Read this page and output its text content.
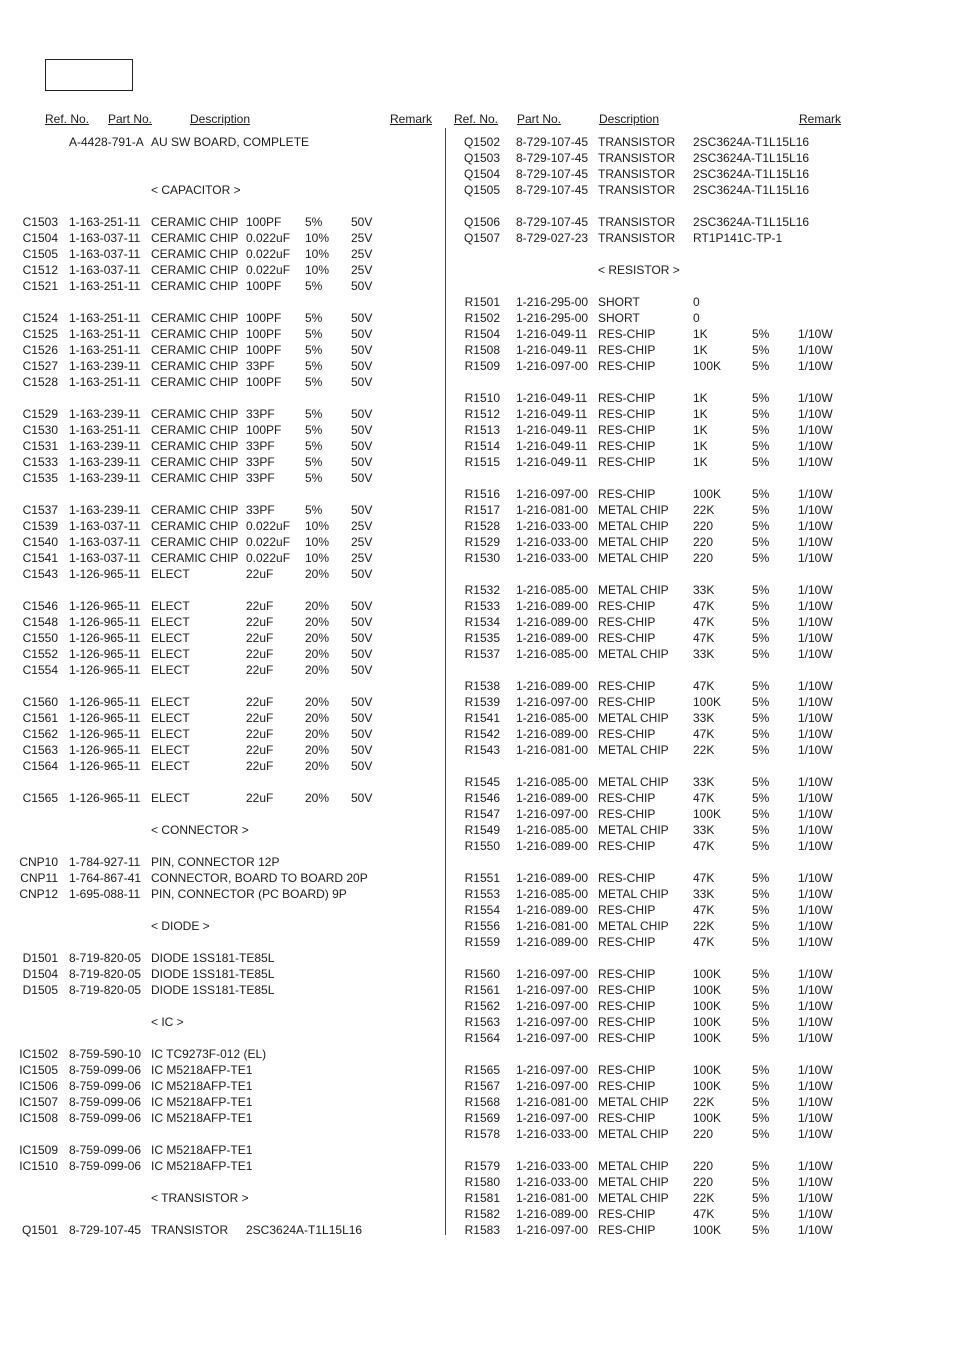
Ref. No. Part No.	Description	Remark Ref. No. Part No.	Description	Remark
A-4428-791-A AU SW BOARD, COMPLETE
< CAPACITOR >
C1503 1-163-251-11 CERAMIC CHIP 100PF 5% 50V
C1504 1-163-037-11 CERAMIC CHIP 0.022uF 10% 25V
C1505 1-163-037-11 CERAMIC CHIP 0.022uF 10% 25V
C1512 1-163-037-11 CERAMIC CHIP 0.022uF 10% 25V
C1521 1-163-251-11 CERAMIC CHIP 100PF 5% 50V
C1524 1-163-251-11 CERAMIC CHIP 100PF 5% 50V
C1525 1-163-251-11 CERAMIC CHIP 100PF 5% 50V
C1526 1-163-251-11 CERAMIC CHIP 100PF 5% 50V
C1527 1-163-239-11 CERAMIC CHIP 33PF	5% 50V
C1528 1-163-251-11 CERAMIC CHIP 100PF 5% 50V
C1529 1-163-239-11 CERAMIC CHIP 33PF	5% 50V
C1530 1-163-251-11 CERAMIC CHIP 100PF 5% 50V
C1531 1-163-239-11 CERAMIC CHIP 33PF	5% 50V
C1533 1-163-239-11 CERAMIC CHIP 33PF	5% 50V
C1535 1-163-239-11 CERAMIC CHIP 33PF	5% 50V
C1537 1-163-239-11 CERAMIC CHIP 33PF	5% 50V
C1539 1-163-037-11 CERAMIC CHIP 0.022uF 10% 25V
C1540 1-163-037-11 CERAMIC CHIP 0.022uF 10% 25V
C1541 1-163-037-11 CERAMIC CHIP 0.022uF 10% 25V
C1543 1-126-965-11 ELECT	22uF	20% 50V
C1546 1-126-965-11 ELECT	22uF	20% 50V
C1548 1-126-965-11 ELECT	22uF	20% 50V
C1550 1-126-965-11 ELECT	22uF	20% 50V
C1552 1-126-965-11 ELECT	22uF	20% 50V
C1554 1-126-965-11 ELECT	22uF	20% 50V
C1560 1-126-965-11 ELECT	22uF	20% 50V
C1561 1-126-965-11 ELECT	22uF	20% 50V
C1562 1-126-965-11 ELECT	22uF	20% 50V
C1563 1-126-965-11 ELECT	22uF	20% 50V
C1564 1-126-965-11 ELECT	22uF	20% 50V
C1565 1-126-965-11 ELECT	22uF	20% 50V
< CONNECTOR >
CNP10 1-784-927-11 PIN, CONNECTOR 12P
CNP11 1-764-867-41 CONNECTOR, BOARD TO BOARD 20P
CNP12 1-695-088-11 PIN, CONNECTOR (PC BOARD) 9P
< DIODE >
D1501 8-719-820-05 DIODE 1SS181-TE85L
D1504 8-719-820-05 DIODE 1SS181-TE85L
D1505 8-719-820-05 DIODE 1SS181-TE85L
< IC >
IC1502 8-759-590-10 IC TC9273F-012 (EL)
IC1505 8-759-099-06 IC M5218AFP-TE1
IC1506 8-759-099-06 IC M5218AFP-TE1
IC1507 8-759-099-06 IC M5218AFP-TE1
IC1508 8-759-099-06 IC M5218AFP-TE1
IC1509 8-759-099-06 IC M5218AFP-TE1
IC1510 8-759-099-06 IC M5218AFP-TE1
< TRANSISTOR >
Q1501 8-729-107-45 TRANSISTOR 2SC3624A-T1L15L16
Q1502 8-729-107-45 TRANSISTOR 2SC3624A-T1L15L16
Q1503 8-729-107-45 TRANSISTOR 2SC3624A-T1L15L16
Q1504 8-729-107-45 TRANSISTOR 2SC3624A-T1L15L16
Q1505 8-729-107-45 TRANSISTOR 2SC3624A-T1L15L16
Q1506 8-729-107-45 TRANSISTOR 2SC3624A-T1L15L16
Q1507 8-729-027-23 TRANSISTOR RT1P141C-TP-1
< RESISTOR >
R1501 1-216-295-00 SHORT	0
R1502 1-216-295-00 SHORT	0
R1504 1-216-049-11 RES-CHIP	1K	5% 1/10W
R1508 1-216-049-11 RES-CHIP	1K	5% 1/10W
R1509 1-216-097-00 RES-CHIP	100K	5% 1/10W
R1510 1-216-049-11 RES-CHIP	1K	5% 1/10W
R1512 1-216-049-11 RES-CHIP	1K	5% 1/10W
R1513 1-216-049-11 RES-CHIP	1K	5% 1/10W
R1514 1-216-049-11 RES-CHIP	1K	5% 1/10W
R1515 1-216-049-11 RES-CHIP	1K	5% 1/10W
R1516 1-216-097-00 RES-CHIP	100K	5% 1/10W
R1517 1-216-081-00 METAL CHIP 22K	5% 1/10W
R1528 1-216-033-00 METAL CHIP 220	5% 1/10W
R1529 1-216-033-00 METAL CHIP 220	5% 1/10W
R1530 1-216-033-00 METAL CHIP 220	5% 1/10W
R1532 1-216-085-00 METAL CHIP 33K	5% 1/10W
R1533 1-216-089-00 RES-CHIP	47K	5% 1/10W
R1534 1-216-089-00 RES-CHIP	47K	5% 1/10W
R1535 1-216-089-00 RES-CHIP	47K	5% 1/10W
R1537 1-216-085-00 METAL CHIP 33K	5% 1/10W
R1538 1-216-089-00 RES-CHIP	47K	5% 1/10W
R1539 1-216-097-00 RES-CHIP	100K	5% 1/10W
R1541 1-216-085-00 METAL CHIP 33K	5% 1/10W
R1542 1-216-089-00 RES-CHIP	47K	5% 1/10W
R1543 1-216-081-00 METAL CHIP 22K	5% 1/10W
R1545 1-216-085-00 METAL CHIP 33K	5% 1/10W
R1546 1-216-089-00 RES-CHIP	47K	5% 1/10W
R1547 1-216-097-00 RES-CHIP	100K	5% 1/10W
R1549 1-216-085-00 METAL CHIP 33K	5% 1/10W
R1550 1-216-089-00 RES-CHIP	47K	5% 1/10W
R1551 1-216-089-00 RES-CHIP	47K	5% 1/10W
R1553 1-216-085-00 METAL CHIP 33K	5% 1/10W
R1554 1-216-089-00 RES-CHIP	47K	5% 1/10W
R1556 1-216-081-00 METAL CHIP 22K	5% 1/10W
R1559 1-216-089-00 RES-CHIP	47K	5% 1/10W
R1560 1-216-097-00 RES-CHIP	100K	5% 1/10W
R1561 1-216-097-00 RES-CHIP	100K	5% 1/10W
R1562 1-216-097-00 RES-CHIP	100K	5% 1/10W
R1563 1-216-097-00 RES-CHIP	100K	5% 1/10W
R1564 1-216-097-00 RES-CHIP	100K	5% 1/10W
R1565 1-216-097-00 RES-CHIP	100K	5% 1/10W
R1567 1-216-097-00 RES-CHIP	100K	5% 1/10W
R1568 1-216-081-00 METAL CHIP 22K	5% 1/10W
R1569 1-216-097-00 RES-CHIP	100K	5% 1/10W
R1578 1-216-033-00 METAL CHIP 220	5% 1/10W
R1579 1-216-033-00 METAL CHIP 220	5% 1/10W
R1580 1-216-033-00 METAL CHIP 220	5% 1/10W
R1581 1-216-081-00 METAL CHIP 22K	5% 1/10W
R1582 1-216-089-00 RES-CHIP	47K	5% 1/10W
R1583 1-216-097-00 RES-CHIP	100K	5% 1/10W
